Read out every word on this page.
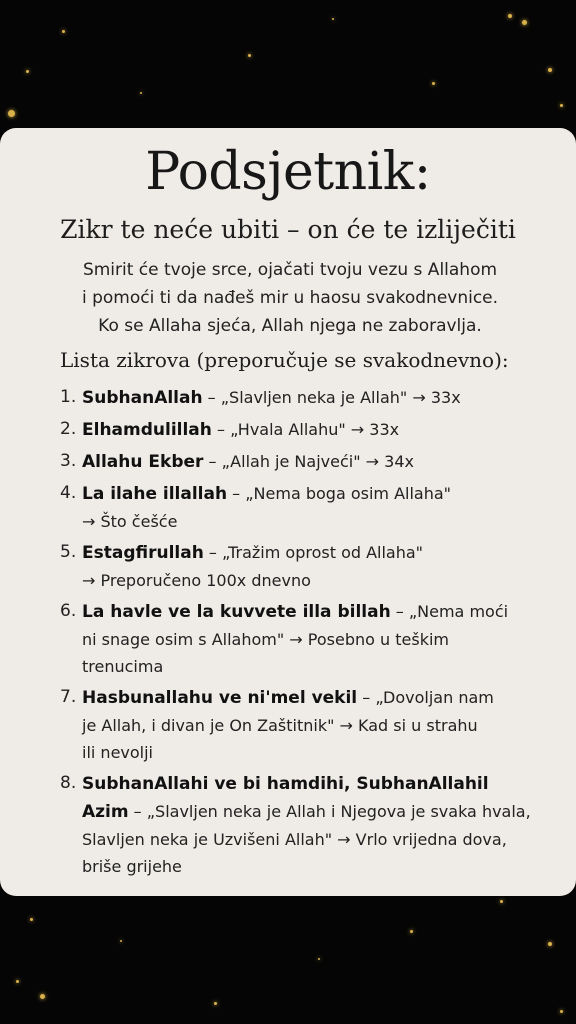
Podsjetnik:
Zikr te neće ubiti – on će te izliječiti
Smirit će tvoje srce, ojačati tvoju vezu s Allahom
i pomoći ti da nađeš mir u haosu svakodnevnice.
Ko se Allaha sjeća, Allah njega ne zaboravlja.
Lista zikrova (preporučuje se svakodnevno):
1. SubhanAllah – „Slavljen neka je Allah" → 33x
2. Elhamdulillah – „Hvala Allahu" → 33x
3. Allahu Ekber – „Allah je Najveći" → 34x
4. La ilahe illallah – „Nema boga osim Allaha"
→ Što češće
5. Estagfirullah – „Tražim oprost od Allaha"
→ Preporučeno 100x dnevno
6. La havle ve la kuvvete illa billah – „Nema moći
ni snage osim s Allahom" → Posebno u teškim
trenucima
7. Hasbunallahu ve ni'mel vekil – „Dovoljan nam
je Allah, i divan je On Zaštitnik" → Kad si u strahu
ili nevolji
8. SubhanAllahi ve bi hamdihi, SubhanAllahil
Azim – „Slavljen neka je Allah i Njegova je svaka hvala,
Slavljen neka je Uzvišeni Allah" → Vrlo vrijedna dova,
briše grijehe
